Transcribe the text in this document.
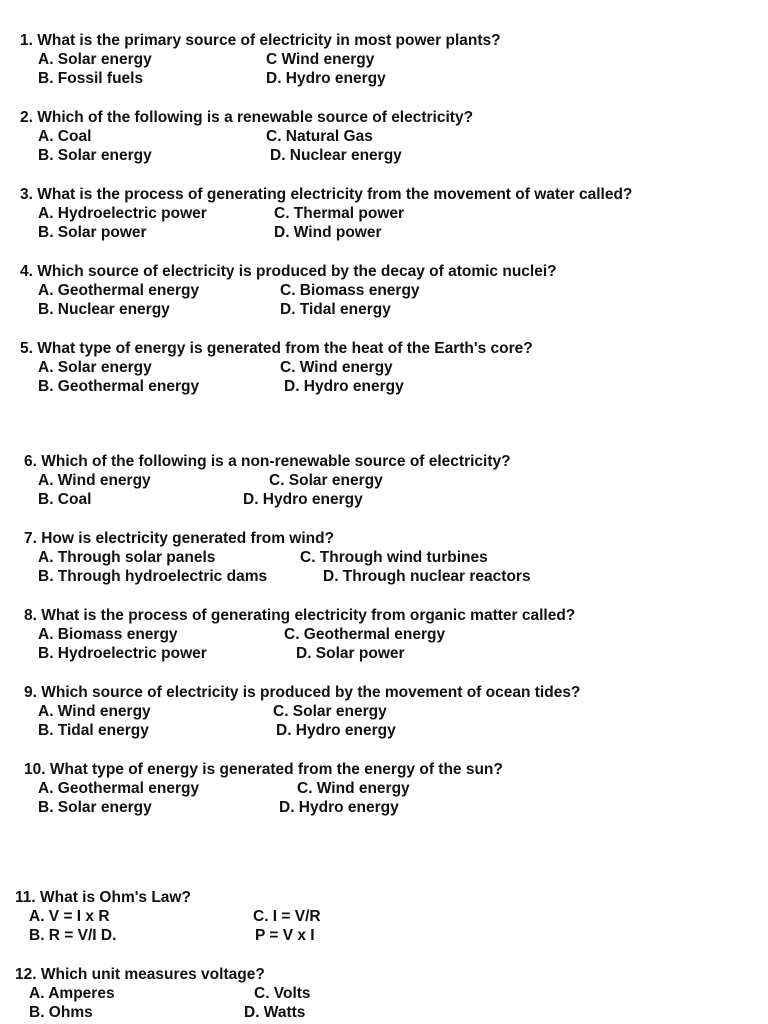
1. What is the primary source of electricity in most power plants?
A. Solar energy	C Wind energy
B. Fossil fuels	D. Hydro energy
2. Which of the following is a renewable source of electricity?
A. Coal	C. Natural Gas
B. Solar energy	D. Nuclear energy
3. What is the process of generating electricity from the movement of water called?
A. Hydroelectric power	C. Thermal power
B. Solar power	D. Wind power
4. Which source of electricity is produced by the decay of atomic nuclei?
A. Geothermal energy	C. Biomass energy
B. Nuclear energy	D. Tidal energy
5. What type of energy is generated from the heat of the Earth's core?
A. Solar energy	C. Wind energy
B. Geothermal energy	D. Hydro energy
6. Which of the following is a non-renewable source of electricity?
A. Wind energy	C. Solar energy
B. Coal	D. Hydro energy
7. How is electricity generated from wind?
A. Through solar panels	C. Through wind turbines
B. Through hydroelectric dams	D. Through nuclear reactors
8. What is the process of generating electricity from organic matter called?
A. Biomass energy	C. Geothermal energy
B. Hydroelectric power	D. Solar power
9. Which source of electricity is produced by the movement of ocean tides?
A. Wind energy	C. Solar energy
B. Tidal energy	D. Hydro energy
10. What type of energy is generated from the energy of the sun?
A. Geothermal energy	C. Wind energy
B. Solar energy	D. Hydro energy
11. What is Ohm's Law?
A. V = I x R	C. I = V/R
B. R = V/I D.	P = V x I
12. Which unit measures voltage?
A. Amperes	C. Volts
B. Ohms	D. Watts
